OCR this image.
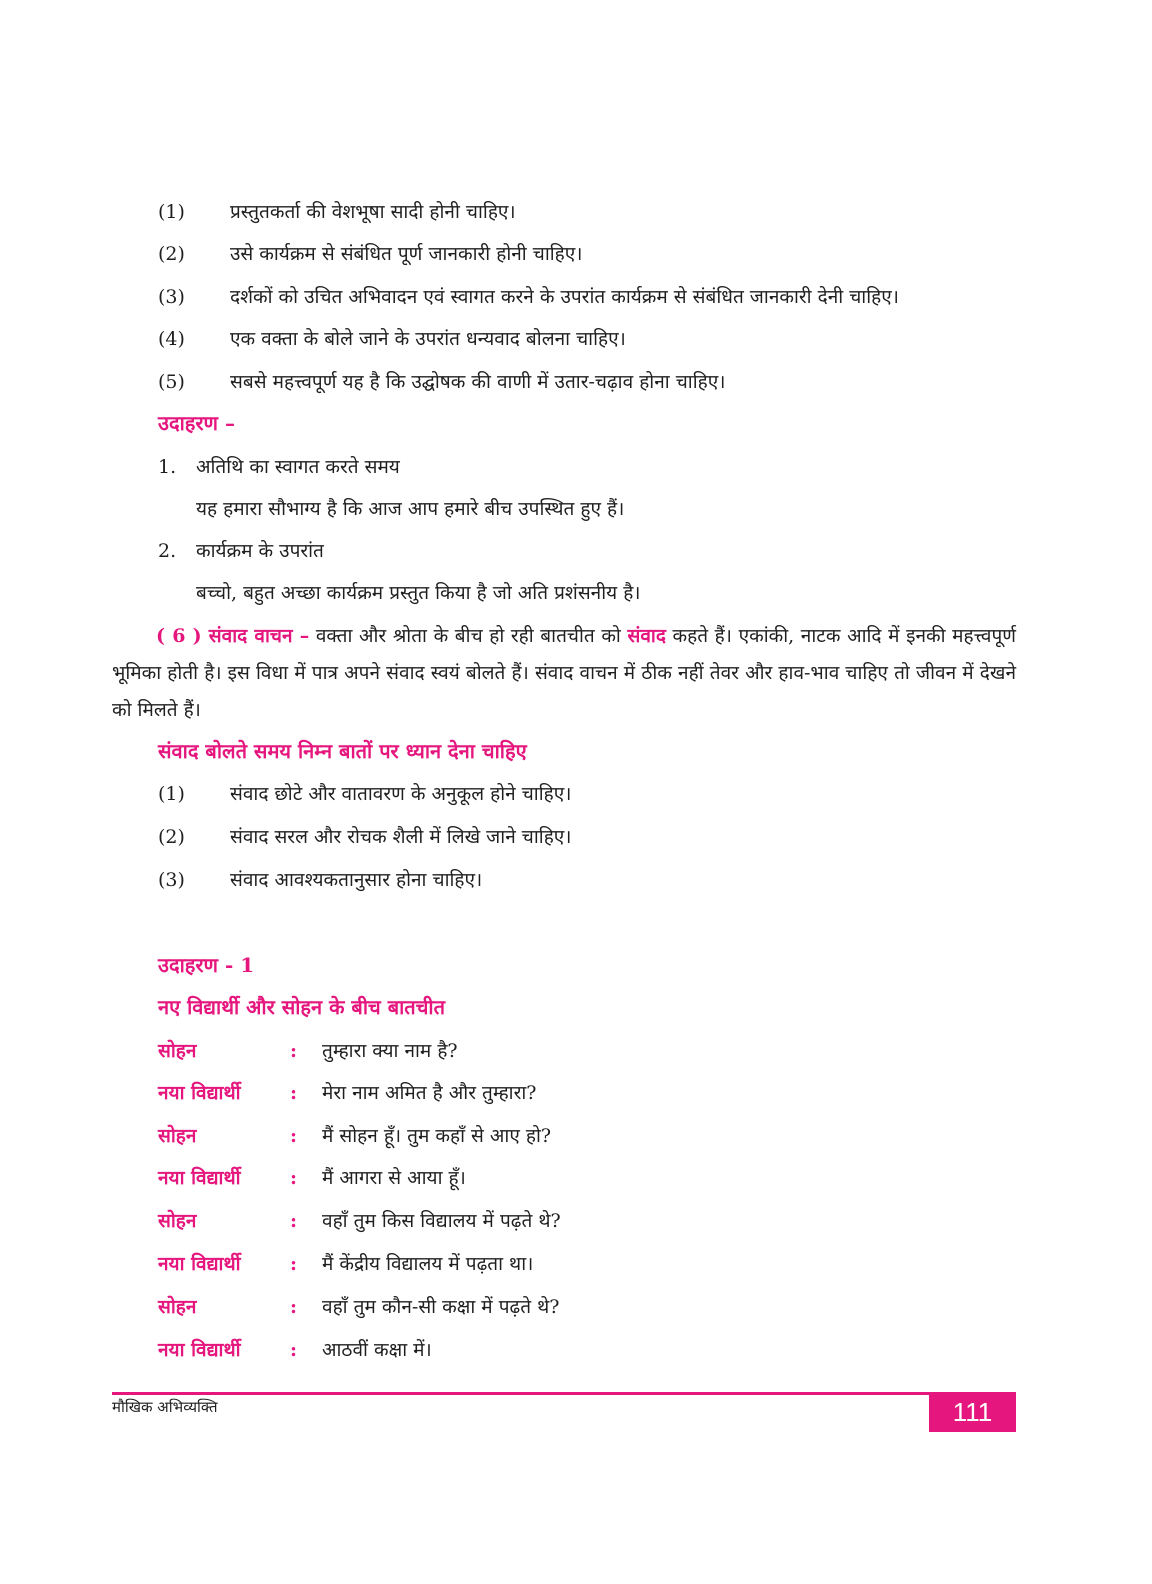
(1)	प्रस्तुतकर्ता की वेशभूषा सादी होनी चाहिए।
(2)	उसे कार्यक्रम से संबंधित पूर्ण जानकारी होनी चाहिए।
(3)	दर्शकों को उचित अभिवादन एवं स्वागत करने के उपरांत कार्यक्रम से संबंधित जानकारी देनी चाहिए।
(4)	एक वक्ता के बोले जाने के उपरांत धन्यवाद बोलना चाहिए।
(5)	सबसे महत्त्वपूर्ण यह है कि उद्घोषक की वाणी में उतार-चढ़ाव होना चाहिए।
उदाहरण –
1. अतिथि का स्वागत करते समय
यह हमारा सौभाग्य है कि आज आप हमारे बीच उपस्थित हुए हैं।
2. कार्यक्रम के उपरांत
बच्चो, बहुत अच्छा कार्यक्रम प्रस्तुत किया है जो अति प्रशंसनीय है।

( 6 ) संवाद वाचन – वक्ता और श्रोता के बीच हो रही बातचीत को संवाद कहते हैं। एकांकी, नाटक आदि में इनकी महत्त्वपूर्ण भूमिका होती है। इस विधा में पात्र अपने संवाद स्वयं बोलते हैं। संवाद वाचन में ठीक नहीं तेवर और हाव-भाव चाहिए तो जीवन में देखने को मिलते हैं।

संवाद बोलते समय निम्न बातों पर ध्यान देना चाहिए
(1)	संवाद छोटे और वातावरण के अनुकूल होने चाहिए।
(2)	संवाद सरल और रोचक शैली में लिखे जाने चाहिए।
(3)	संवाद आवश्यकतानुसार होना चाहिए।
उदाहरण - 1
नए विद्यार्थी और सोहन के बीच बातचीत
सोहन	: तुम्हारा क्या नाम है?
नया विद्यार्थी	: मेरा नाम अमित है और तुम्हारा?
सोहन	: मैं सोहन हूँ। तुम कहाँ से आए हो?
नया विद्यार्थी	: मैं आगरा से आया हूँ।
सोहन	: वहाँ तुम किस विद्यालय में पढ़ते थे?
नया विद्यार्थी	: मैं केंद्रीय विद्यालय में पढ़ता था।
सोहन	: वहाँ तुम कौन-सी कक्षा में पढ़ते थे?
नया विद्यार्थी	: आठवीं कक्षा में।
मौखिक अभिव्यक्ति	111
